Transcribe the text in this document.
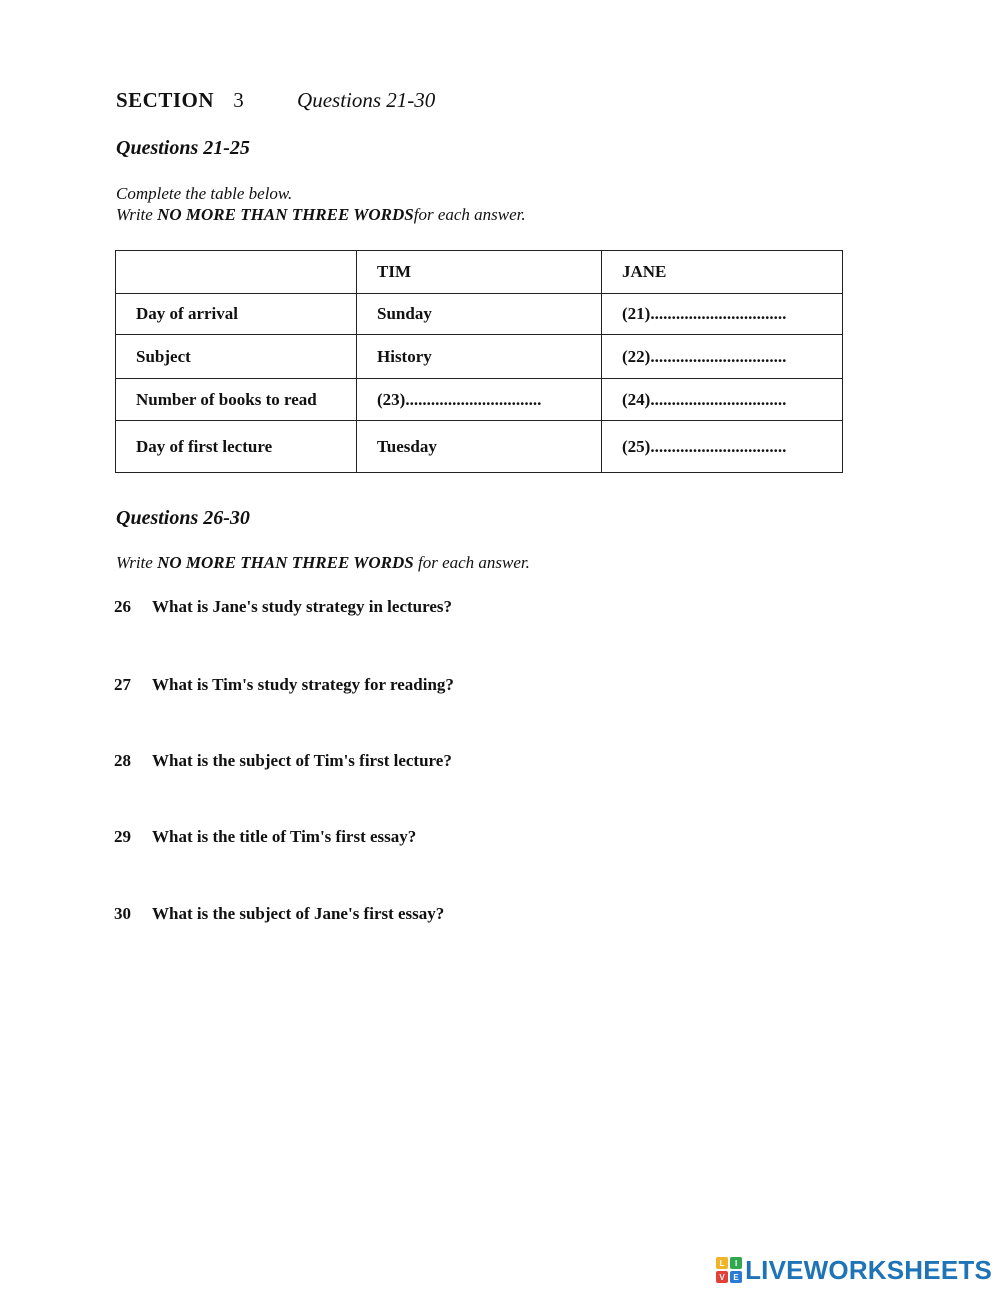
SECTION 3	Questions 21-30
Questions 21-25
Complete the table below.
Write NO MORE THAN THREE WORDSfor each answer.
	TIM	JANE
Day of arrival	Sunday	(21)................................
Subject	History	(22)................................
Number of books to read	(23)................................	(24)................................
Day of first lecture	Tuesday	(25)................................
Questions 26-30
Write NO MORE THAN THREE WORDS for each answer.
26 What is Jane's study strategy in lectures?
27 What is Tim's study strategy for reading?
28 What is the subject of Tim's first lecture?
29 What is the title of Tim's first essay?
30 What is the subject of Jane's first essay?
L	I
V	E LIVEWORKSHEETS
